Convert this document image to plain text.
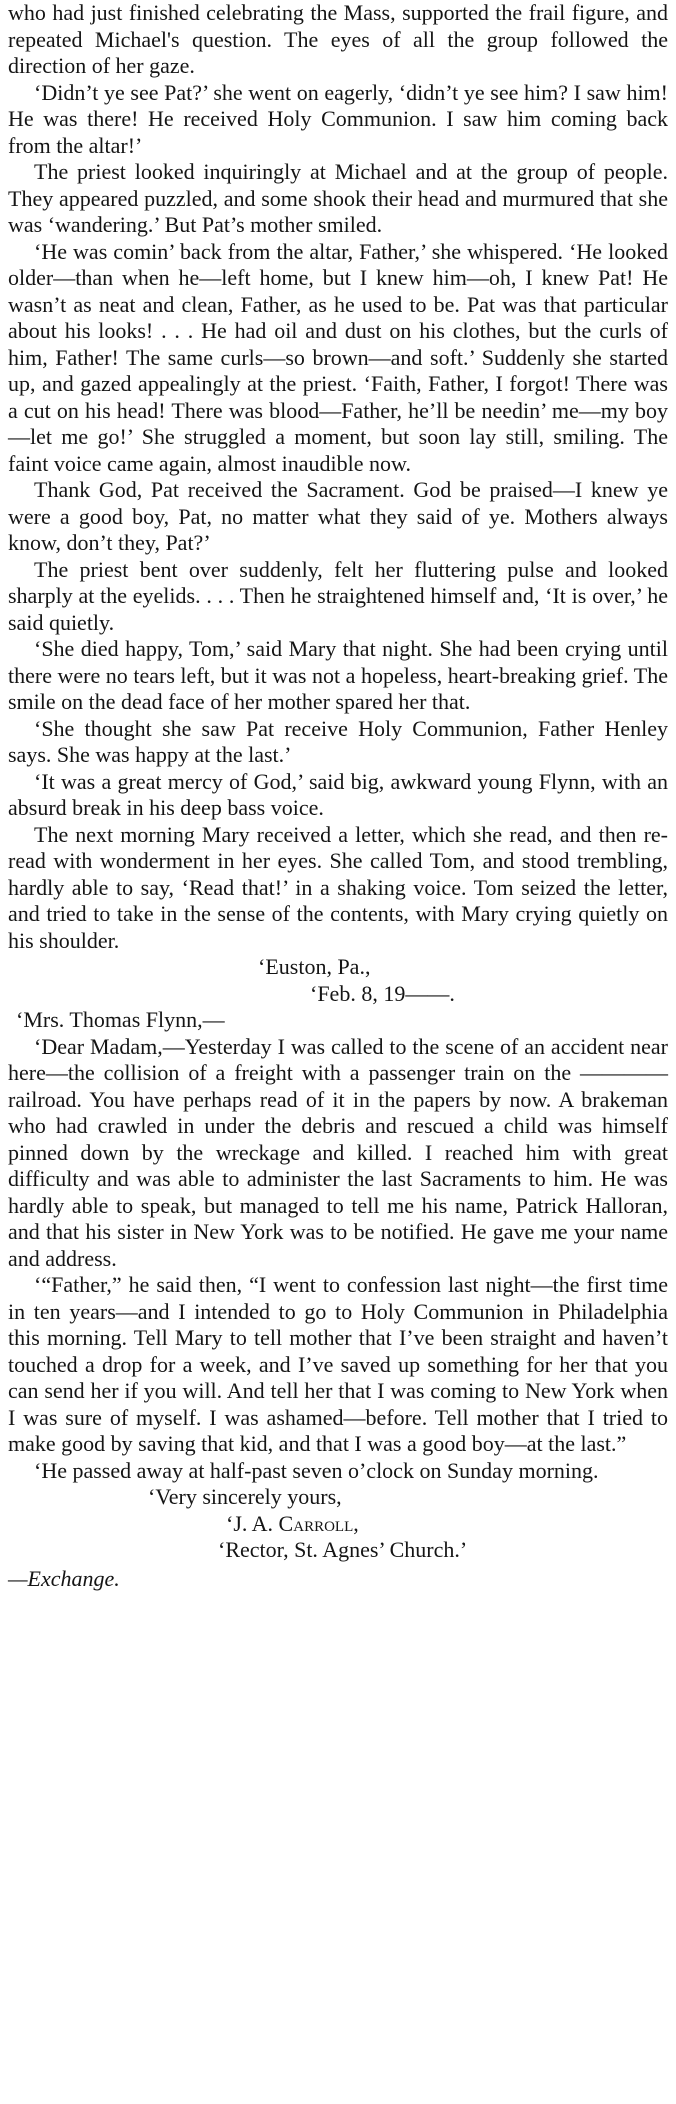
who had just finished celebrating the Mass, supported the frail figure, and repeated Michael's question. The eyes of all the group followed the direction of her gaze.

‘Didn’t ye see Pat?’ she went on eagerly, ‘didn’t ye see him? I saw him! He was there! He received Holy Communion. I saw him coming back from the altar!’

The priest looked inquiringly at Michael and at the group of people. They appeared puzzled, and some shook their head and murmured that she was ‘wandering.’ But Pat’s mother smiled.

‘He was comin’ back from the altar, Father,’ she whispered. ‘He looked older—than when he—left home, but I knew him—oh, I knew Pat! He wasn’t as neat and clean, Father, as he used to be. Pat was that particular about his looks! . . . He had oil and dust on his clothes, but the curls of him, Father! The same curls—so brown—and soft.’ Suddenly she started up, and gazed appealingly at the priest. ‘Faith, Father, I forgot! There was a cut on his head! There was blood—Father, he’ll be needin’ me—my boy—let me go!’ She struggled a moment, but soon lay still, smiling. The faint voice came again, almost inaudible now.

Thank God, Pat received the Sacrament. God be praised—I knew ye were a good boy, Pat, no matter what they said of ye. Mothers always know, don’t they, Pat?’

The priest bent over suddenly, felt her fluttering pulse and looked sharply at the eyelids. . . . Then he straightened himself and, ‘It is over,’ he said quietly.

‘She died happy, Tom,’ said Mary that night. She had been crying until there were no tears left, but it was not a hopeless, heart-breaking grief. The smile on the dead face of her mother spared her that.

‘She thought she saw Pat receive Holy Communion, Father Henley says. She was happy at the last.’

‘It was a great mercy of God,’ said big, awkward young Flynn, with an absurd break in his deep bass voice.

The next morning Mary received a letter, which she read, and then re-read with wonderment in her eyes. She called Tom, and stood trembling, hardly able to say, ‘Read that!’ in a shaking voice. Tom seized the letter, and tried to take in the sense of the contents, with Mary crying quietly on his shoulder.

‘Euston, Pa.,

‘Feb. 8, 19——.

‘Mrs. Thomas Flynn,—

‘Dear Madam,—Yesterday I was called to the scene of an accident near here—the collision of a freight with a passenger train on the ———— railroad. You have perhaps read of it in the papers by now. A brakeman who had crawled in under the debris and rescued a child was himself pinned down by the wreckage and killed. I reached him with great difficulty and was able to administer the last Sacraments to him. He was hardly able to speak, but managed to tell me his name, Patrick Halloran, and that his sister in New York was to be notified. He gave me your name and address.

‘“Father,” he said then, “I went to confession last night—the first time in ten years—and I intended to go to Holy Communion in Philadelphia this morning. Tell Mary to tell mother that I’ve been straight and haven’t touched a drop for a week, and I’ve saved up something for her that you can send her if you will. And tell her that I was coming to New York when I was sure of myself. I was ashamed—before. Tell mother that I tried to make good by saving that kid, and that I was a good boy—at the last.”

‘He passed away at half-past seven o’clock on Sunday morning.

‘Very sincerely yours,

‘J. A. Carroll,

‘Rector, St. Agnes’ Church.’

—Exchange.
